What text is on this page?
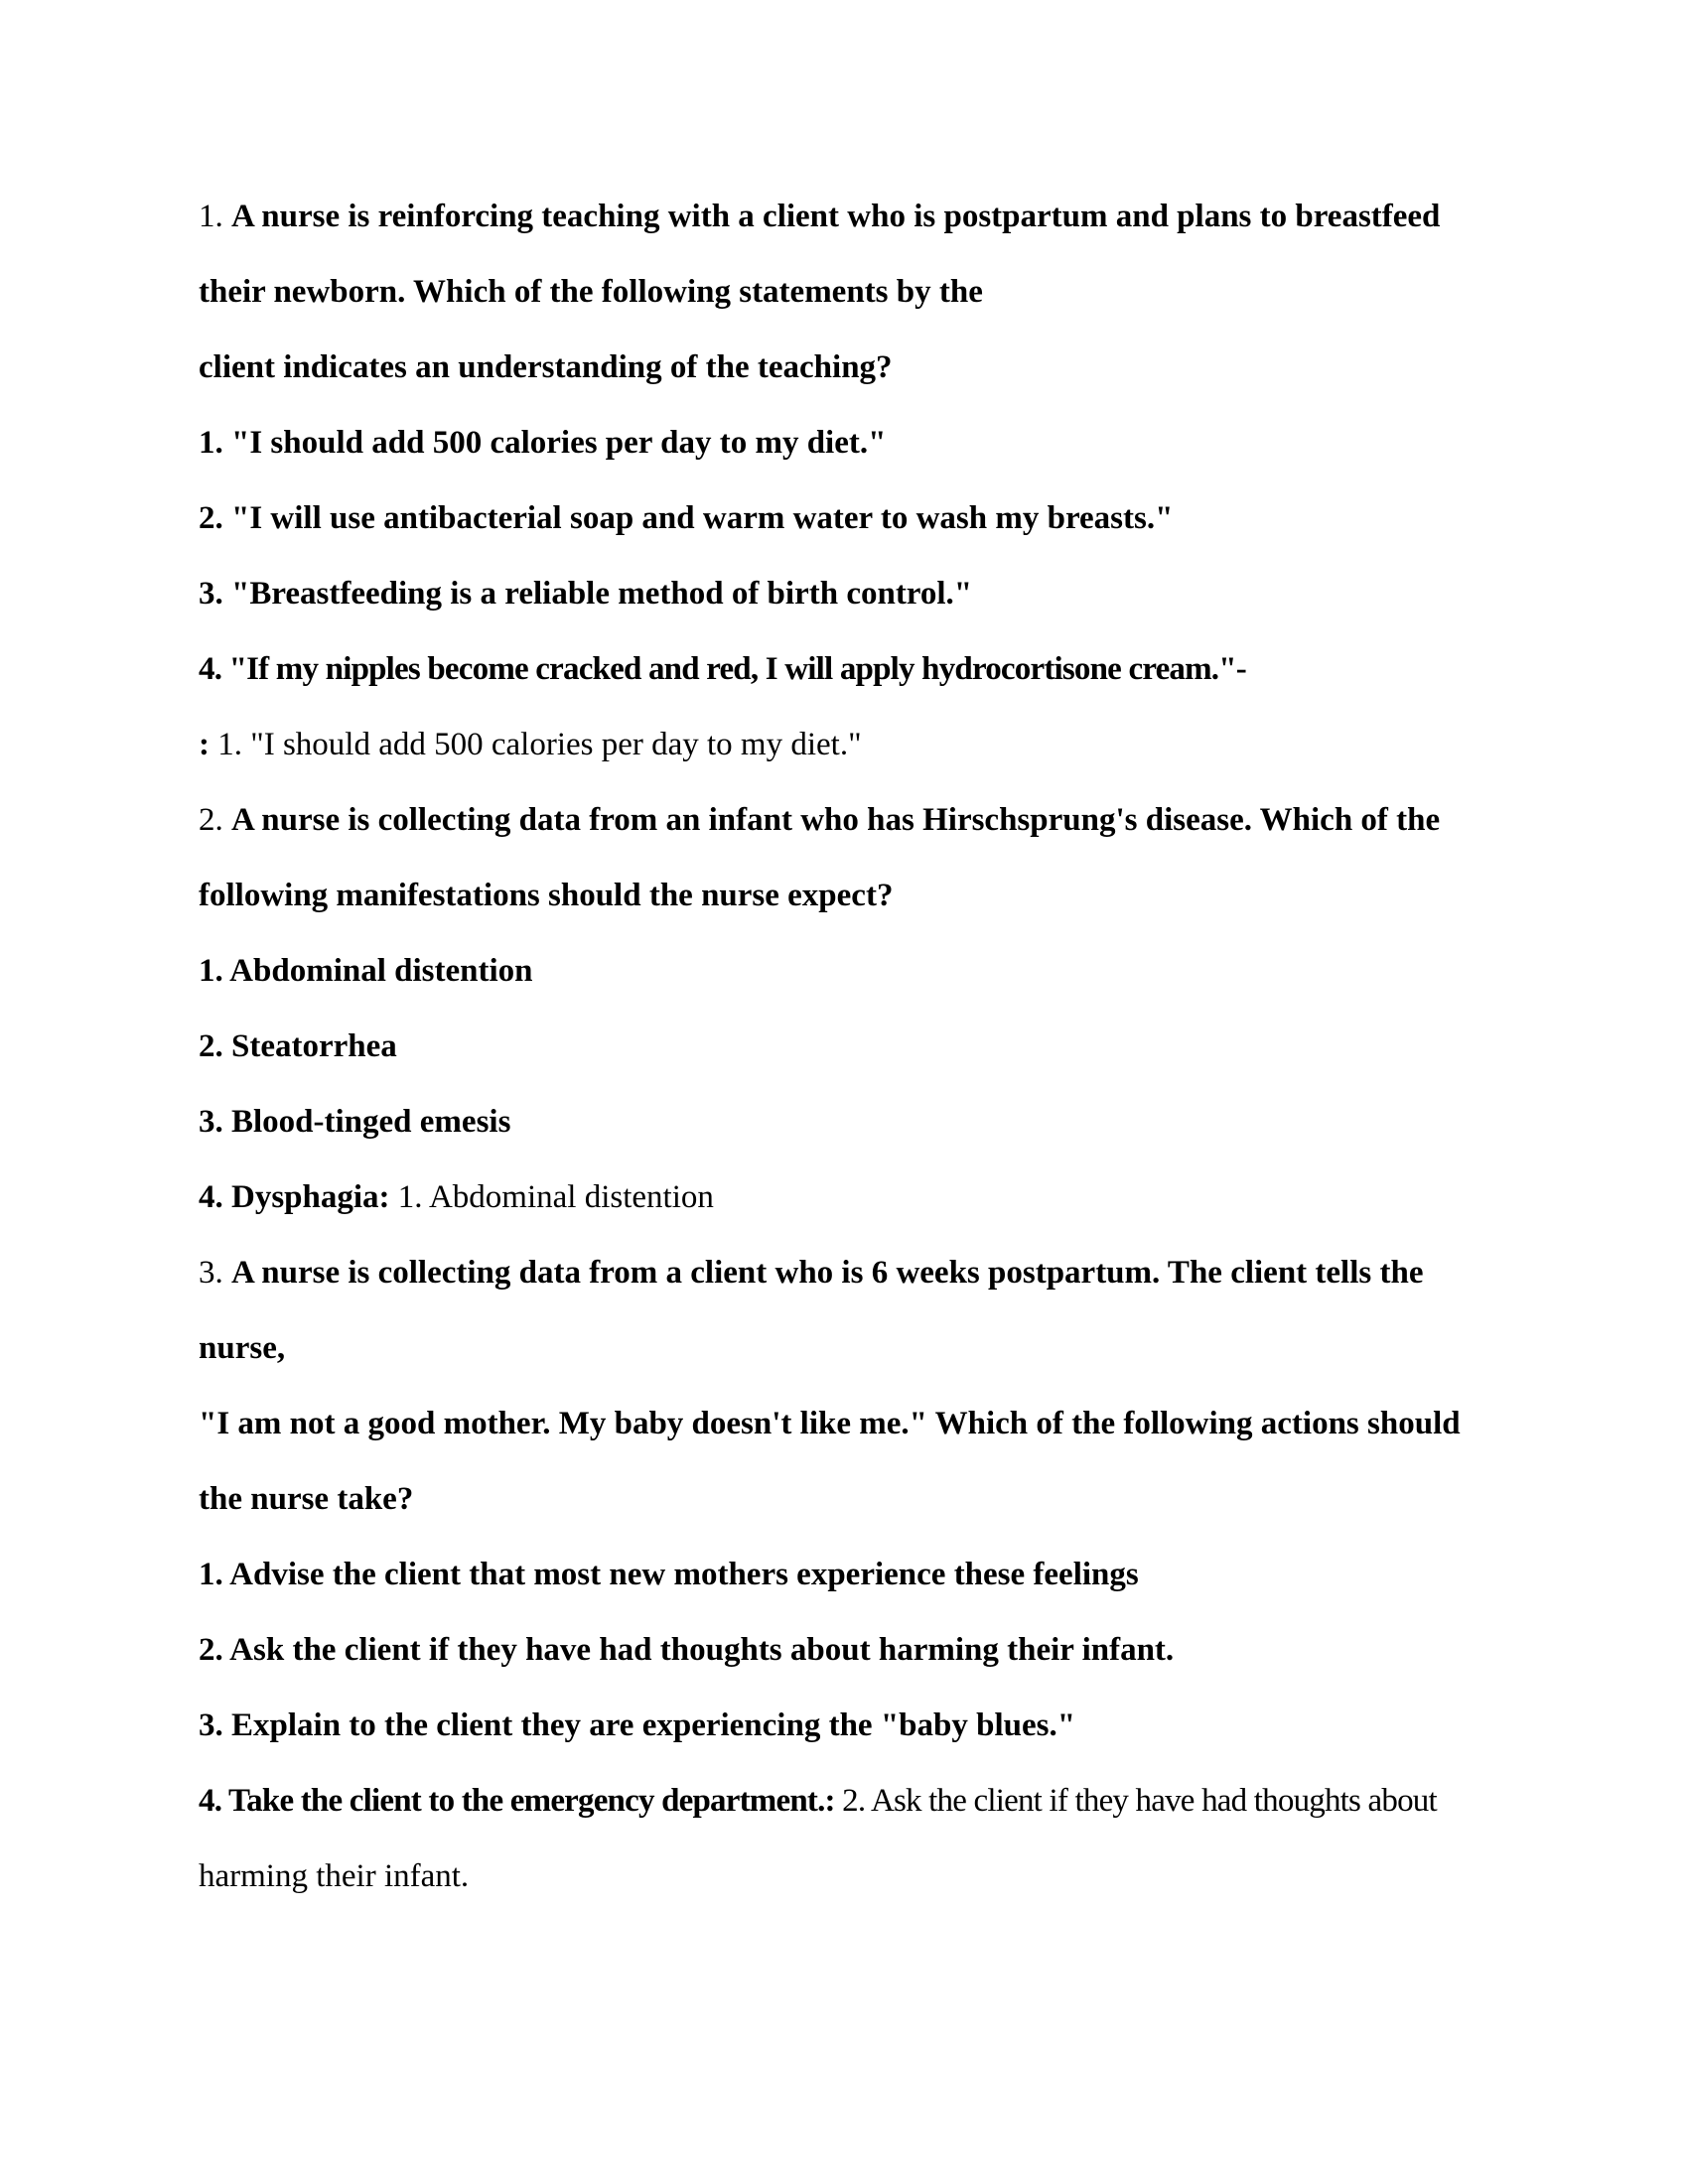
1. A nurse is reinforcing teaching with a client who is postpartum and plans to breastfeed

their newborn. Which of the following statements by the

client indicates an understanding of the teaching?

1. "I should add 500 calories per day to my diet."

2. "I will use antibacterial soap and warm water to wash my breasts."

3. "Breastfeeding is a reliable method of birth control."

4. "If my nipples become cracked and red, I will apply hydrocortisone cream."-

: 1. "I should add 500 calories per day to my diet."

2. A nurse is collecting data from an infant who has Hirschsprung's disease. Which of the

following manifestations should the nurse expect?

1. Abdominal distention

2. Steatorrhea

3. Blood-tinged emesis

4. Dysphagia: 1. Abdominal distention

3. A nurse is collecting data from a client who is 6 weeks postpartum. The client tells the

nurse,

"I am not a good mother. My baby doesn't like me." Which of the following actions should

the nurse take?

1. Advise the client that most new mothers experience these feelings

2. Ask the client if they have had thoughts about harming their infant.

3. Explain to the client they are experiencing the "baby blues."

4. Take the client to the emergency department.: 2. Ask the client if they have had thoughts about

harming their infant.
